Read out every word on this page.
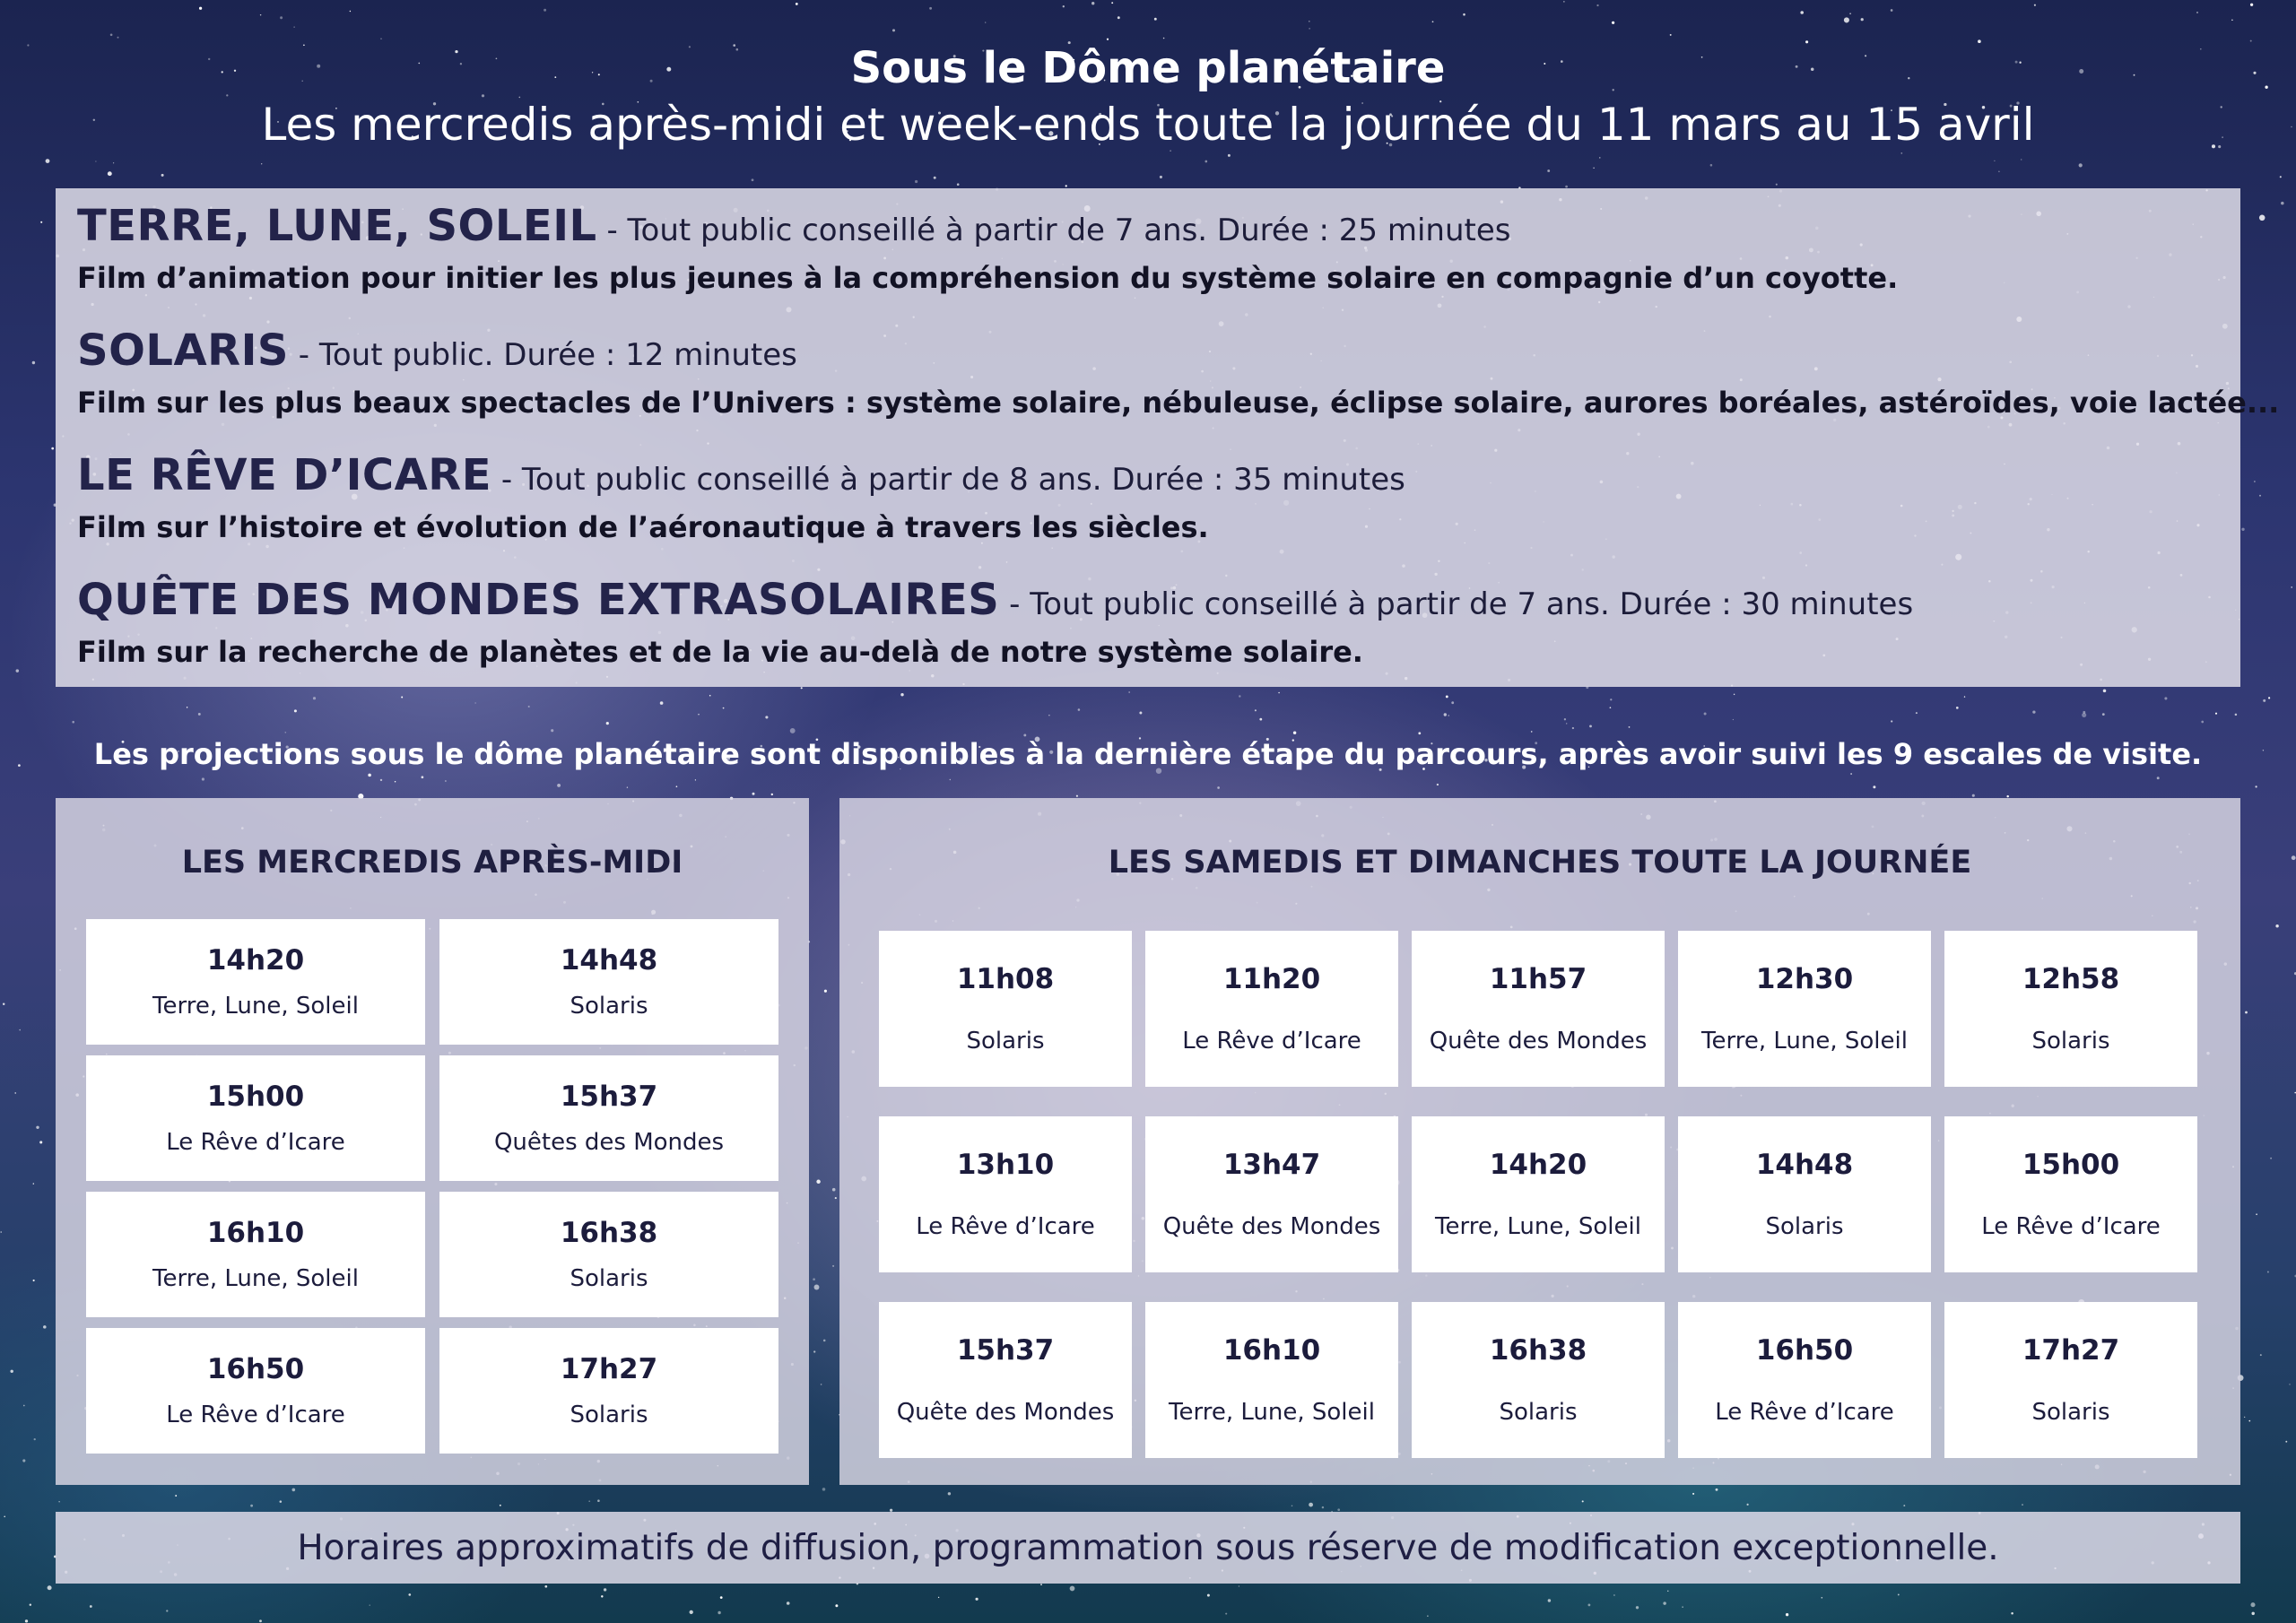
Sous le Dôme planétaire
Les mercredis après-midi et week-ends toute la journée du 11 mars au 15 avril
TERRE, LUNE, SOLEIL - Tout public conseillé à partir de 7 ans. Durée : 25 minutes
Film d’animation pour initier les plus jeunes à la compréhension du système solaire en compagnie d’un coyotte.
SOLARIS - Tout public. Durée : 12 minutes
Film sur les plus beaux spectacles de l’Univers : système solaire, nébuleuse, éclipse solaire, aurores boréales, astéroïdes, voie lactée...
LE RÊVE D’ICARE - Tout public conseillé à partir de 8 ans. Durée : 35 minutes
Film sur l’histoire et évolution de l’aéronautique à travers les siècles.
QUÊTE DES MONDES EXTRASOLAIRES - Tout public conseillé à partir de 7 ans. Durée : 30 minutes
Film sur la recherche de planètes et de la vie au-delà de notre système solaire.
Les projections sous le dôme planétaire sont disponibles à la dernière étape du parcours, après avoir suivi les 9 escales de visite.
LES MERCREDIS APRÈS-MIDI
14h20
Terre, Lune, Soleil
14h48
Solaris
15h00
Le Rêve d’Icare
15h37
Quêtes des Mondes
16h10
Terre, Lune, Soleil
16h38
Solaris
16h50
Le Rêve d’Icare
17h27
Solaris
LES SAMEDIS ET DIMANCHES TOUTE LA JOURNÉE
11h08
Solaris
11h20
Le Rêve d’Icare
11h57
Quête des Mondes
12h30
Terre, Lune, Soleil
12h58
Solaris
13h10
Le Rêve d’Icare
13h47
Quête des Mondes
14h20
Terre, Lune, Soleil
14h48
Solaris
15h00
Le Rêve d’Icare
15h37
Quête des Mondes
16h10
Terre, Lune, Soleil
16h38
Solaris
16h50
Le Rêve d’Icare
17h27
Solaris
Horaires approximatifs de diffusion, programmation sous réserve de modification exceptionnelle.
